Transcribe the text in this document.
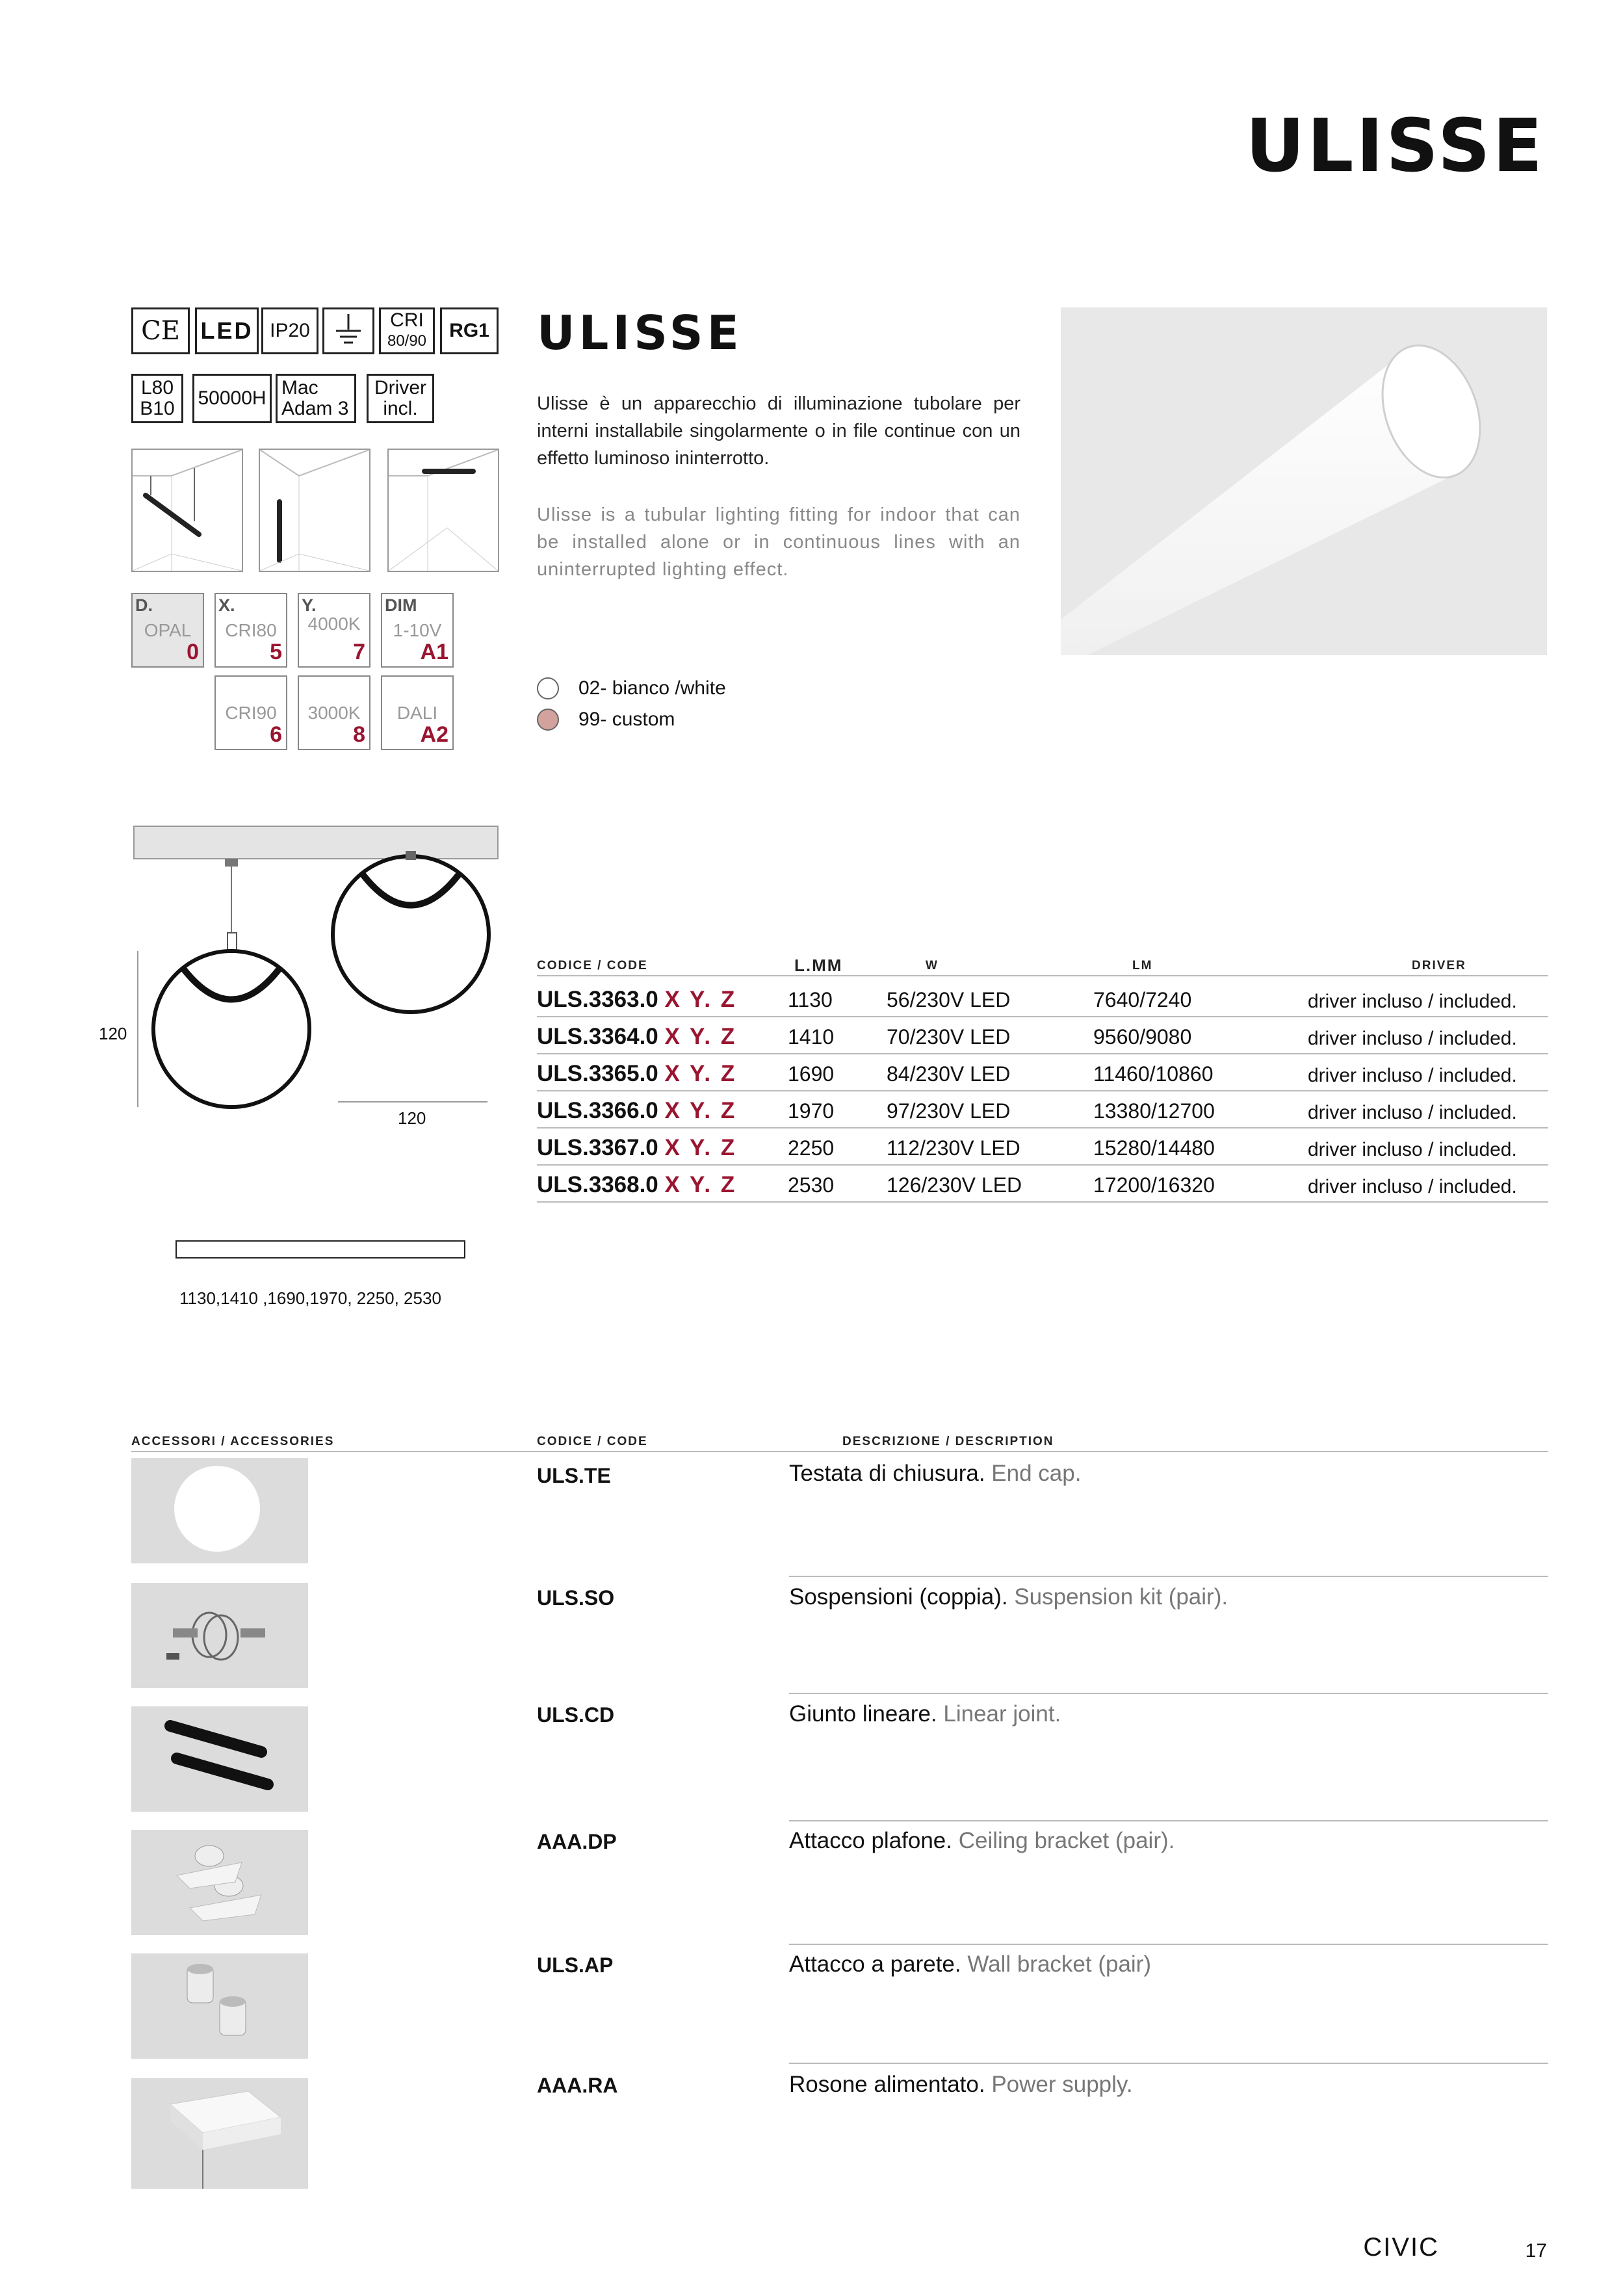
ULISSE
CE LED IP20	CRI
80/90	RG1
L80
B10 50000H Mac
Adam 3
Driver
incl.
D.
OPAL
0
X.
CRI80
5
Y.
4000K
7
DIM
1-10V
A1
CRI90
6
3000K
8
DALI
A2
ULISSE
Ulisse è un apparecchio di illuminazione tubolare per interni installabile singolarmente o in file continue con un effetto luminoso ininterrotto.
Ulisse is a tubular lighting fitting for indoor that can be installed alone or in continuous lines with an uninterrupted lighting effect.
02- bianco /white
99- custom
120
120
1130,1410 ,1690,1970, 2250, 2530
CODICE / CODE	L.MM	W	LM	DRIVER
ULS.3363.0 X Y. Z 1130	56/230V LED	7640/7240	driver incluso / included.
ULS.3364.0 X Y. Z 1410	70/230V LED	9560/9080	driver incluso / included.
ULS.3365.0 X Y. Z 1690	84/230V LED	11460/10860	driver incluso / included.
ULS.3366.0 X Y. Z 1970	97/230V LED	13380/12700	driver incluso / included.
ULS.3367.0 X Y. Z 2250	112/230V LED	15280/14480	driver incluso / included.
ULS.3368.0 X Y. Z 2530	126/230V LED	17200/16320	driver incluso / included.
ACCESSORI / ACCESSORIES	CODICE / CODE	DESCRIZIONE / DESCRIPTION
ULS.TE	Testata di chiusura. End cap.
ULS.SO	Sospensioni (coppia). Suspension kit (pair).
ULS.CD	Giunto lineare. Linear joint.
AAA.DP	Attacco plafone. Ceiling bracket (pair).
ULS.AP	Attacco a parete. Wall bracket (pair)
AAA.RA	Rosone alimentato. Power supply.
CIVIC	17
